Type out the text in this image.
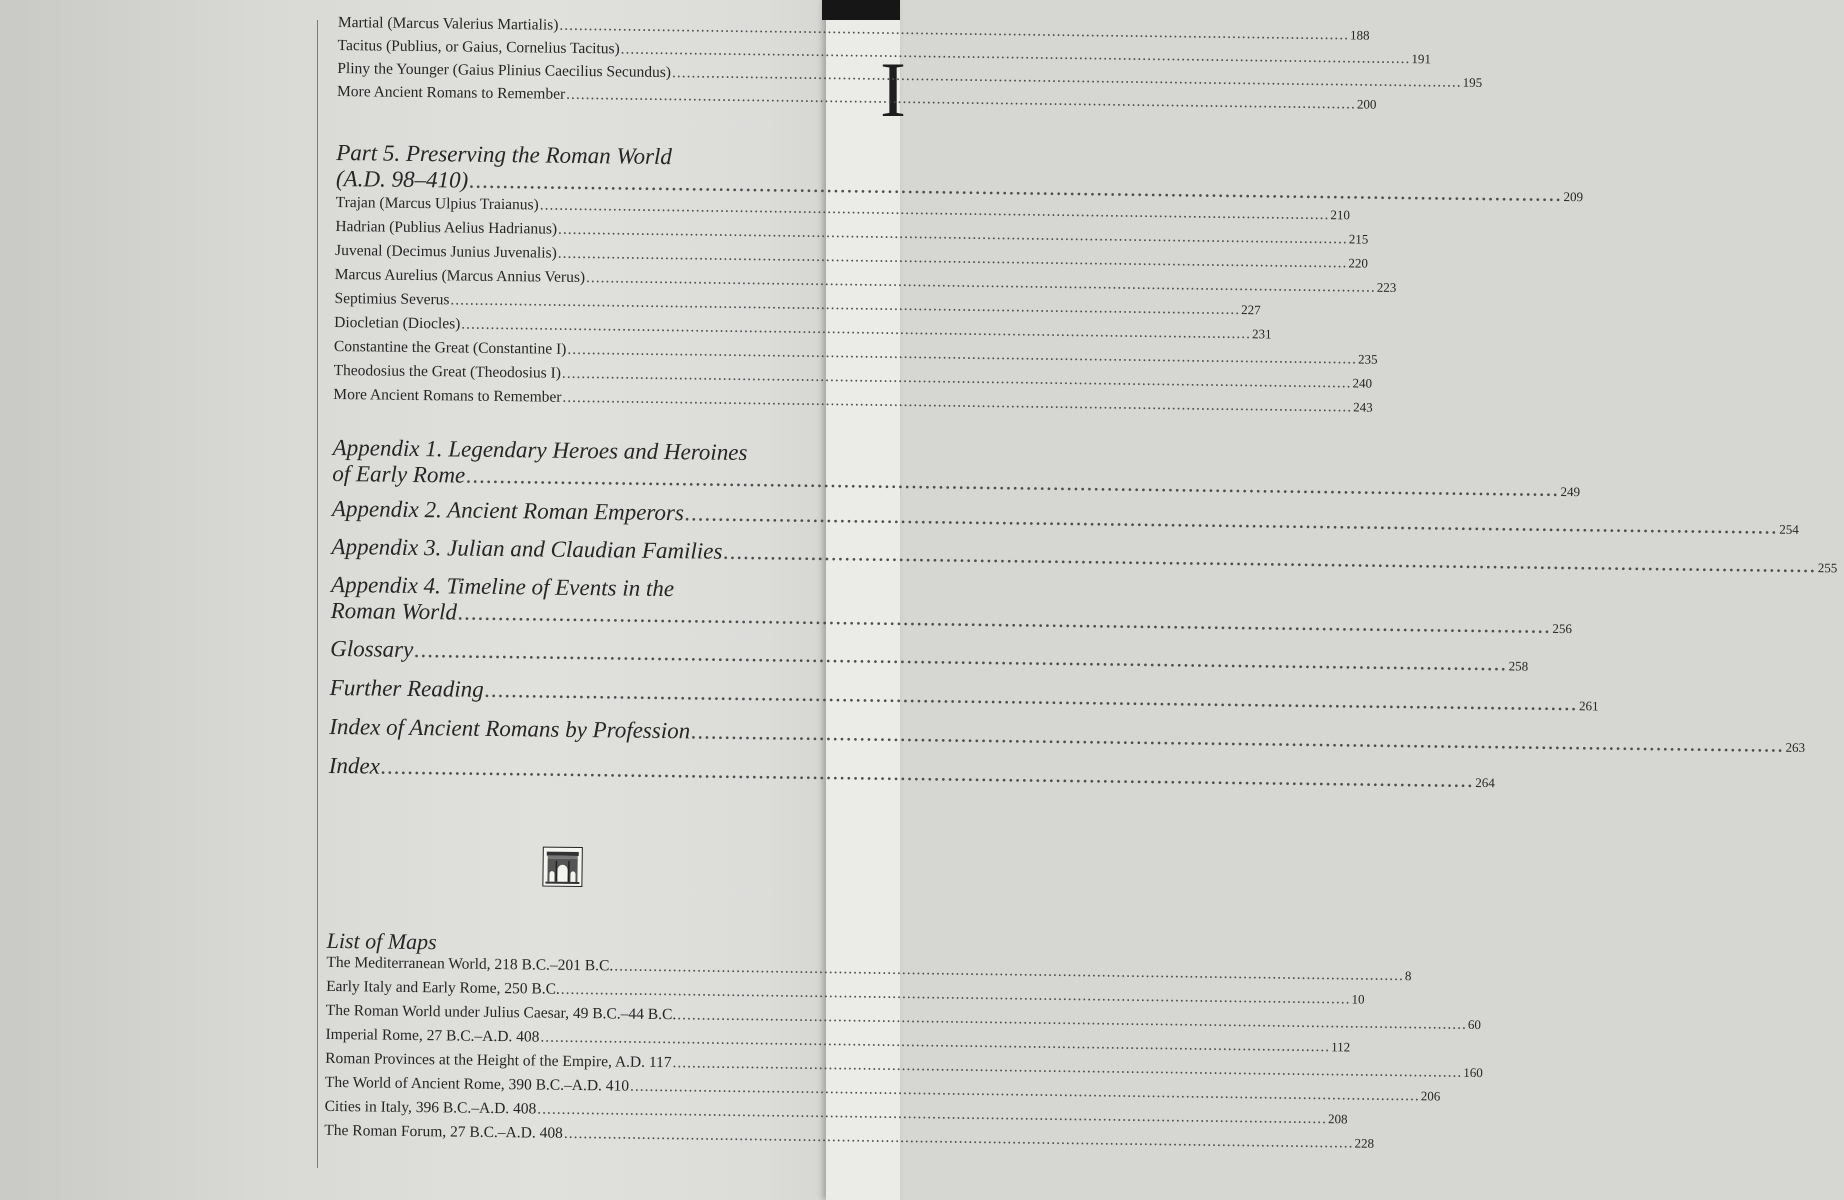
I
Martial (Marcus Valerius Martialis)
.....
188
Tacitus (Publius, or Gaius, Cornelius Tacitus)
.....
191
Pliny the Younger (Gaius Plinius Caecilius Secundus)
.....
195
More Ancient Romans to Remember
.....
200
Part 5. Preserving the Roman World
(A.D. 98–410)
.....
209
Trajan (Marcus Ulpius Traianus)
.....
210
Hadrian (Publius Aelius Hadrianus)
.....
215
Juvenal (Decimus Junius Juvenalis)
.....
220
Marcus Aurelius (Marcus Annius Verus)
.....
223
Septimius Severus
.....
227
Diocletian (Diocles)
.....
231
Constantine the Great (Constantine I)
.....
235
Theodosius the Great (Theodosius I)
.....
240
More Ancient Romans to Remember
.....
243
Appendix 1. Legendary Heroes and Heroines
of Early Rome
.....
249
Appendix 2. Ancient Roman Emperors
.....
254
Appendix 3. Julian and Claudian Families
.....
255
Appendix 4. Timeline of Events in the
Roman World
.....
256
Glossary
.....
258
Further Reading
.....
261
Index of Ancient Romans by Profession
.....
263
Index
.....
264
List of Maps
The Mediterranean World, 218 B.C.–201 B.C.
.....
8
Early Italy and Early Rome, 250 B.C.
.....
10
The Roman World under Julius Caesar, 49 B.C.–44 B.C.
.....
60
Imperial Rome, 27 B.C.–A.D. 408
.....
112
Roman Provinces at the Height of the Empire, A.D. 117
.....
160
The World of Ancient Rome, 390 B.C.–A.D. 410
.....
206
Cities in Italy, 396 B.C.–A.D. 408
.....
208
The Roman Forum, 27 B.C.–A.D. 408
.....
228
